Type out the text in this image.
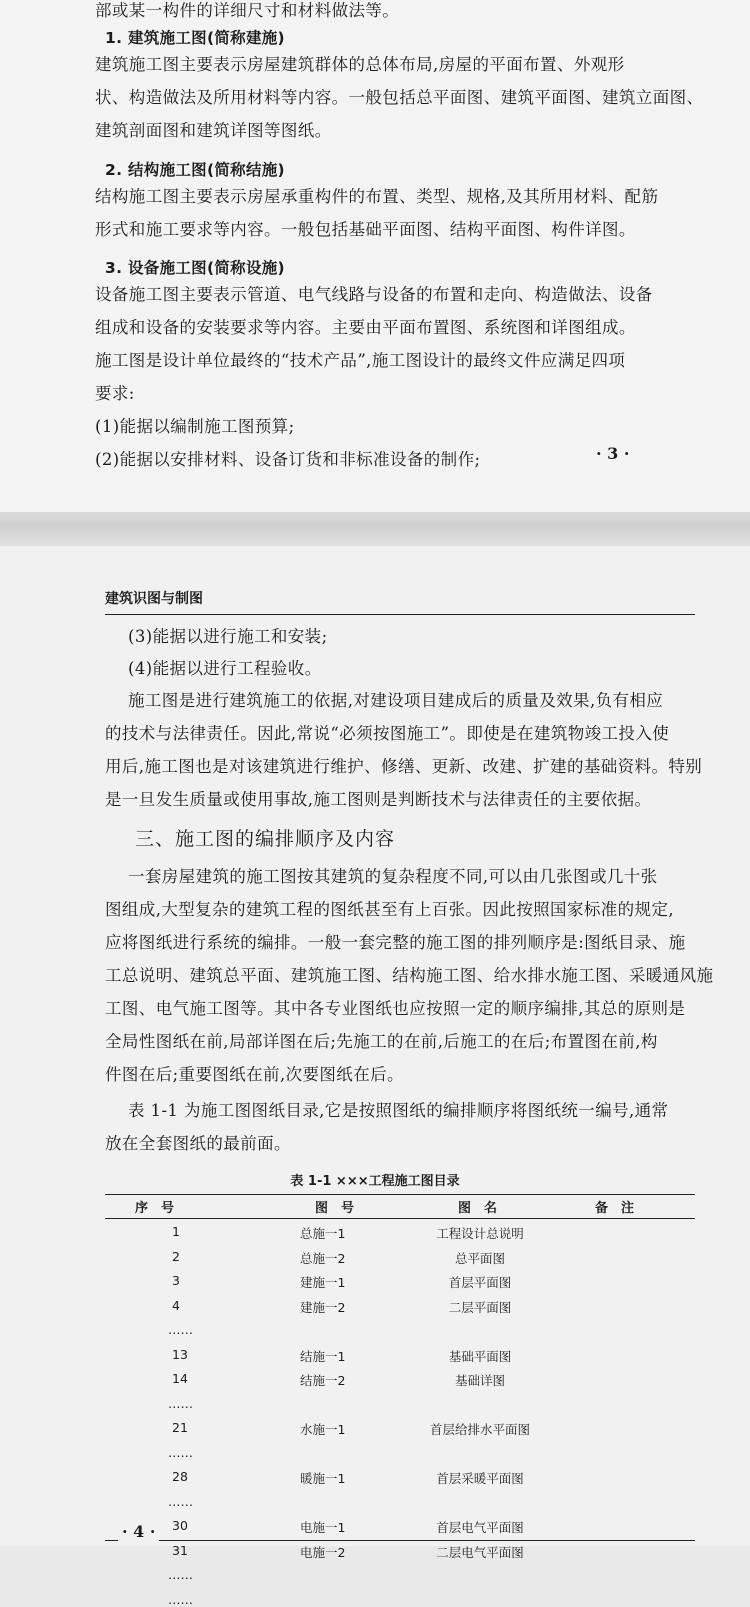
部或某一构件的详细尺寸和材料做法等。

1. 建筑施工图(简称建施)

建筑施工图主要表示房屋建筑群体的总体布局,房屋的平面布置、外观形

状、构造做法及所用材料等内容。一般包括总平面图、建筑平面图、建筑立面图、

建筑剖面图和建筑详图等图纸。

2. 结构施工图(简称结施)

结构施工图主要表示房屋承重构件的布置、类型、规格,及其所用材料、配筋

形式和施工要求等内容。一般包括基础平面图、结构平面图、构件详图。

3. 设备施工图(简称设施)

设备施工图主要表示管道、电气线路与设备的布置和走向、构造做法、设备

组成和设备的安装要求等内容。主要由平面布置图、系统图和详图组成。

施工图是设计单位最终的“技术产品”,施工图设计的最终文件应满足四项

要求:

(1)能据以编制施工图预算;

(2)能据以安排材料、设备订货和非标准设备的制作;	· 3 ·
建筑识图与制图

(3)能据以进行施工和安装;

(4)能据以进行工程验收。

施工图是进行建筑施工的依据,对建设项目建成后的质量及效果,负有相应

的技术与法律责任。因此,常说“必须按图施工”。即使是在建筑物竣工投入使

用后,施工图也是对该建筑进行维护、修缮、更新、改建、扩建的基础资料。特别

是一旦发生质量或使用事故,施工图则是判断技术与法律责任的主要依据。

三、施工图的编排顺序及内容

一套房屋建筑的施工图按其建筑的复杂程度不同,可以由几张图或几十张

图组成,大型复杂的建筑工程的图纸甚至有上百张。因此按照国家标准的规定,

应将图纸进行系统的编排。一般一套完整的施工图的排列顺序是:图纸目录、施

工总说明、建筑总平面、建筑施工图、结构施工图、给水排水施工图、采暖通风施

工图、电气施工图等。其中各专业图纸也应按照一定的顺序编排,其总的原则是

全局性图纸在前,局部详图在后;先施工的在前,后施工的在后;布置图在前,构

件图在后;重要图纸在前,次要图纸在后。

表 1-1 为施工图图纸目录,它是按照图纸的编排顺序将图纸统一编号,通常

放在全套图纸的最前面。

表 1-1 ×××工程施工图目录
序　号	图　号	图　名	备　注
1	总施一1	工程设计总说明
2	总施一2	总平面图
3	建施一1	首层平面图
4	建施一2	二层平面图
……
13	结施一1	基础平面图
14	结施一2	基础详图
……
21	水施一1	首层给排水平面图
……
28	暖施一1	首层采暖平面图
……
30	电施一1	首层电气平面图
31	电施一2	二层电气平面图
……
……
· 4 ·
